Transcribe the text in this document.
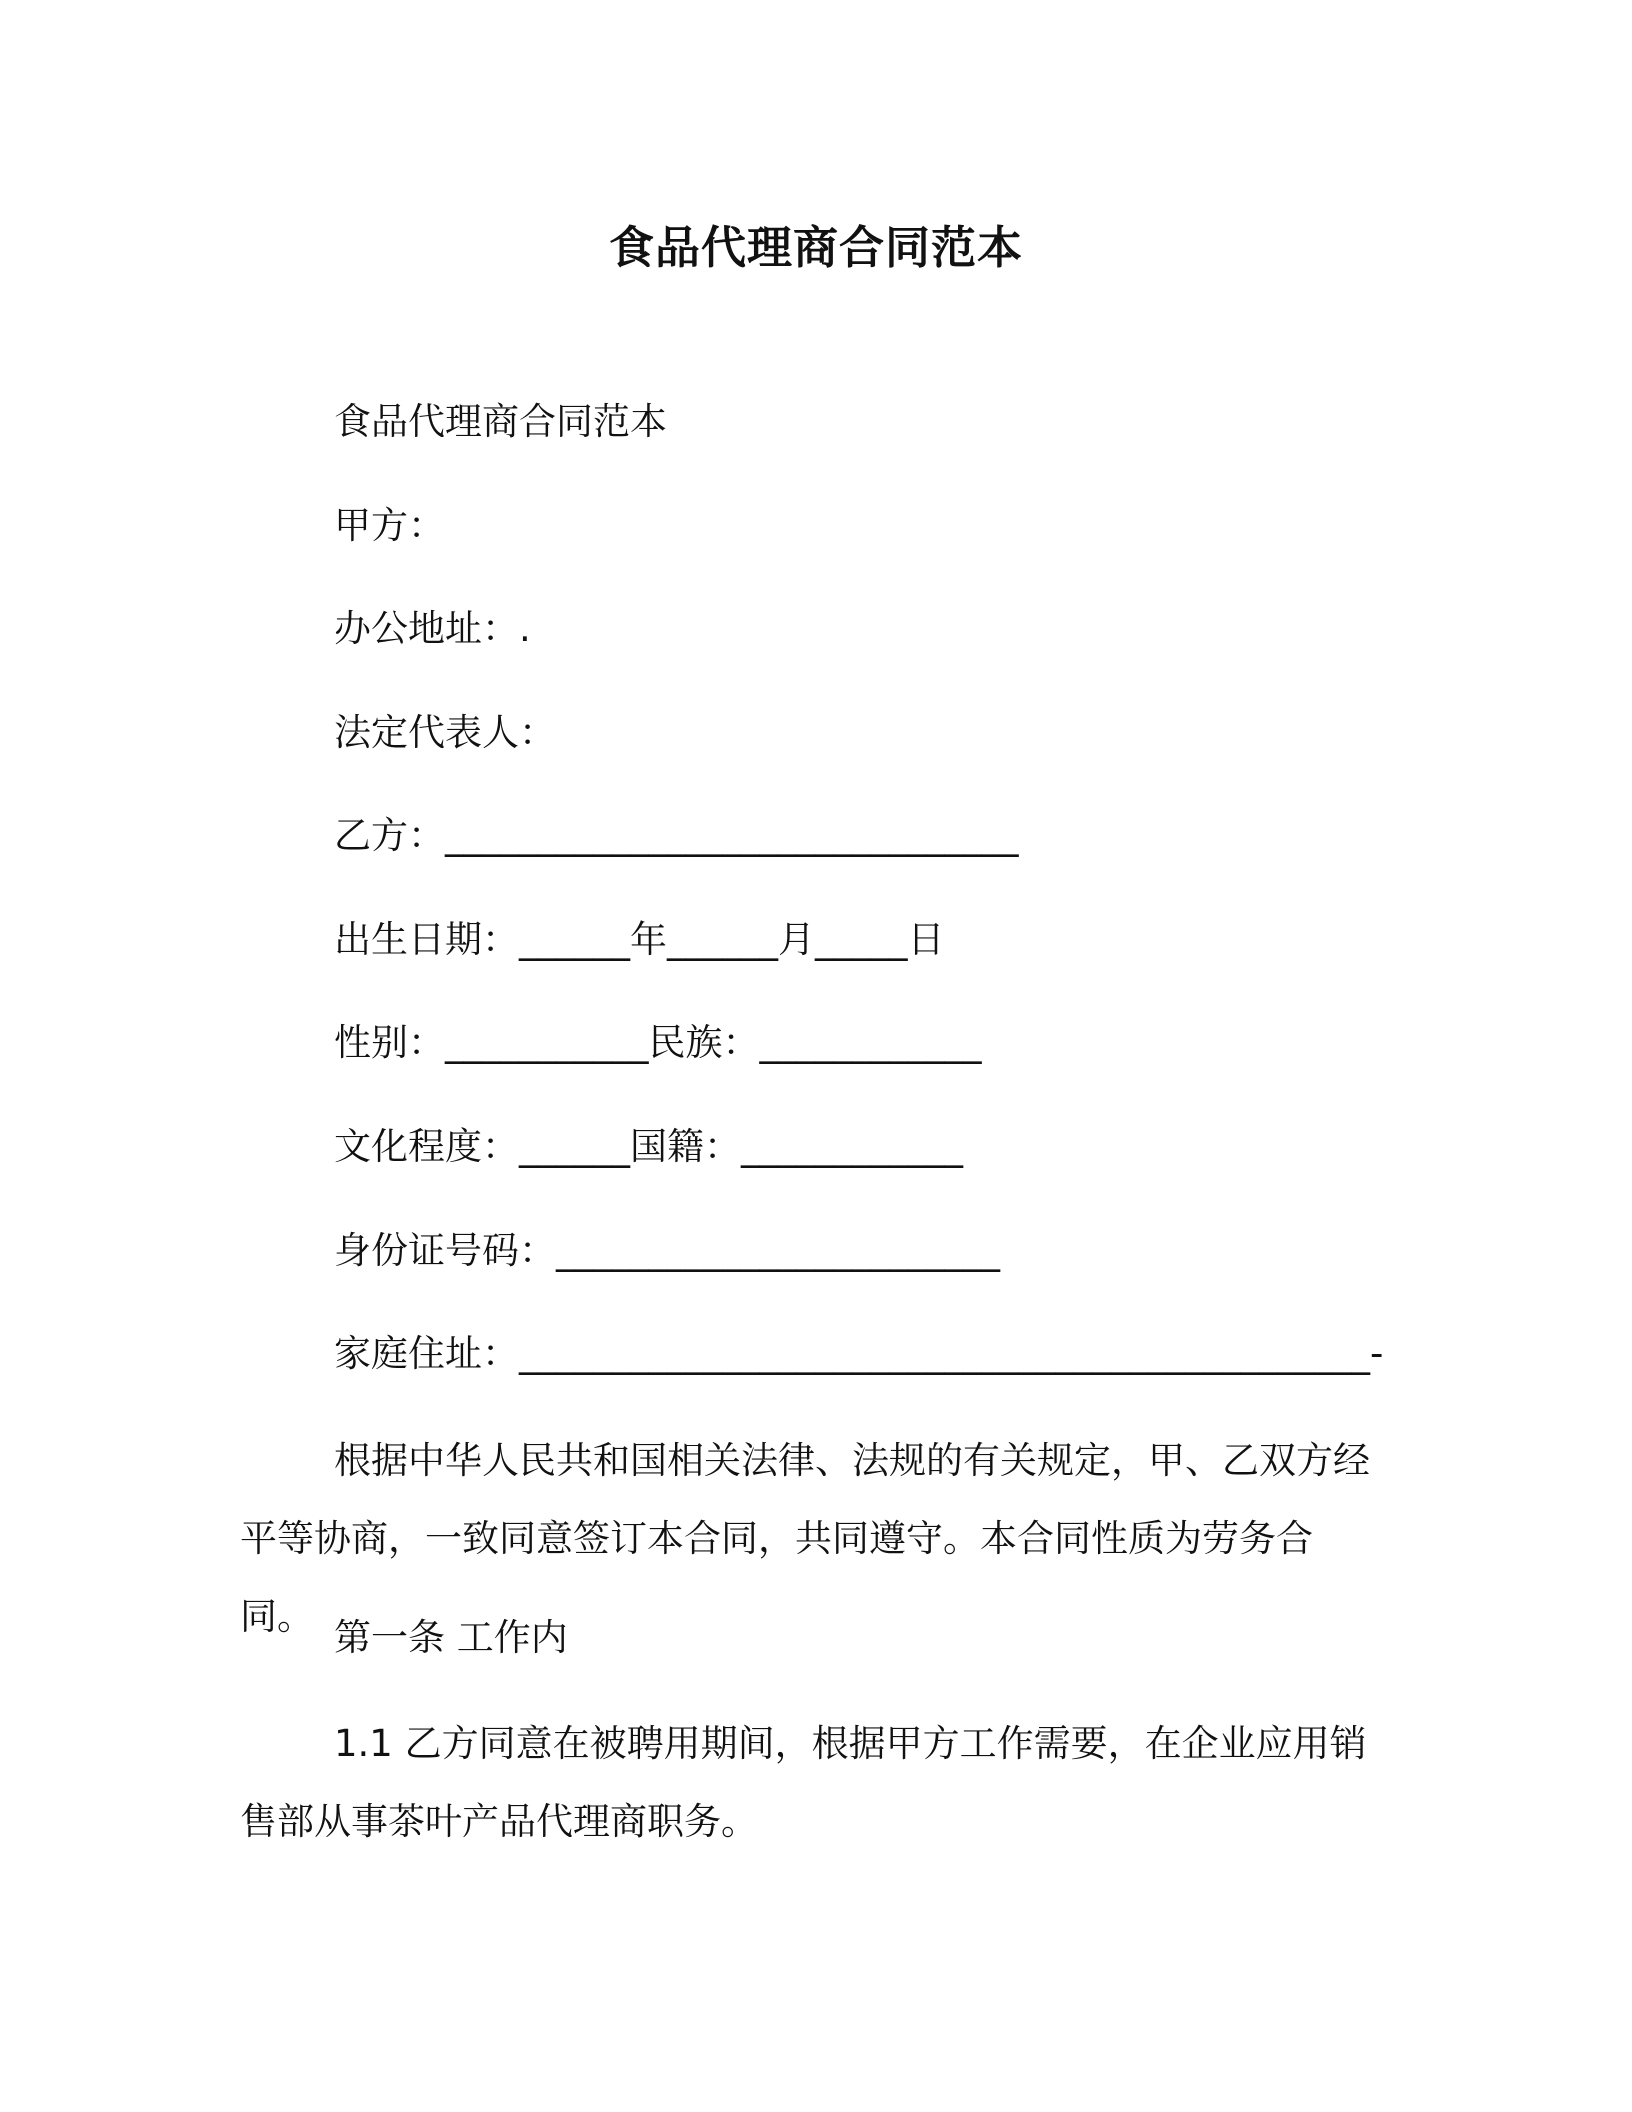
食品代理商合同范本
食品代理商合同范本
甲方：
办公地址：.
法定代表人：
乙方：_______________________________
出生日期：______年______月_____日
性别：___________民族：____________
文化程度：______国籍：____________
身份证号码：________________________
家庭住址：______________________________________________-
根据中华人民共和国相关法律、法规的有关规定，甲、乙双方经平等协商，一致同意签订本合同，共同遵守。本合同性质为劳务合同。 第一条 工作内
1.1 乙方同意在被聘用期间，根据甲方工作需要，在企业应用销售部从事茶叶产品代理商职务。
